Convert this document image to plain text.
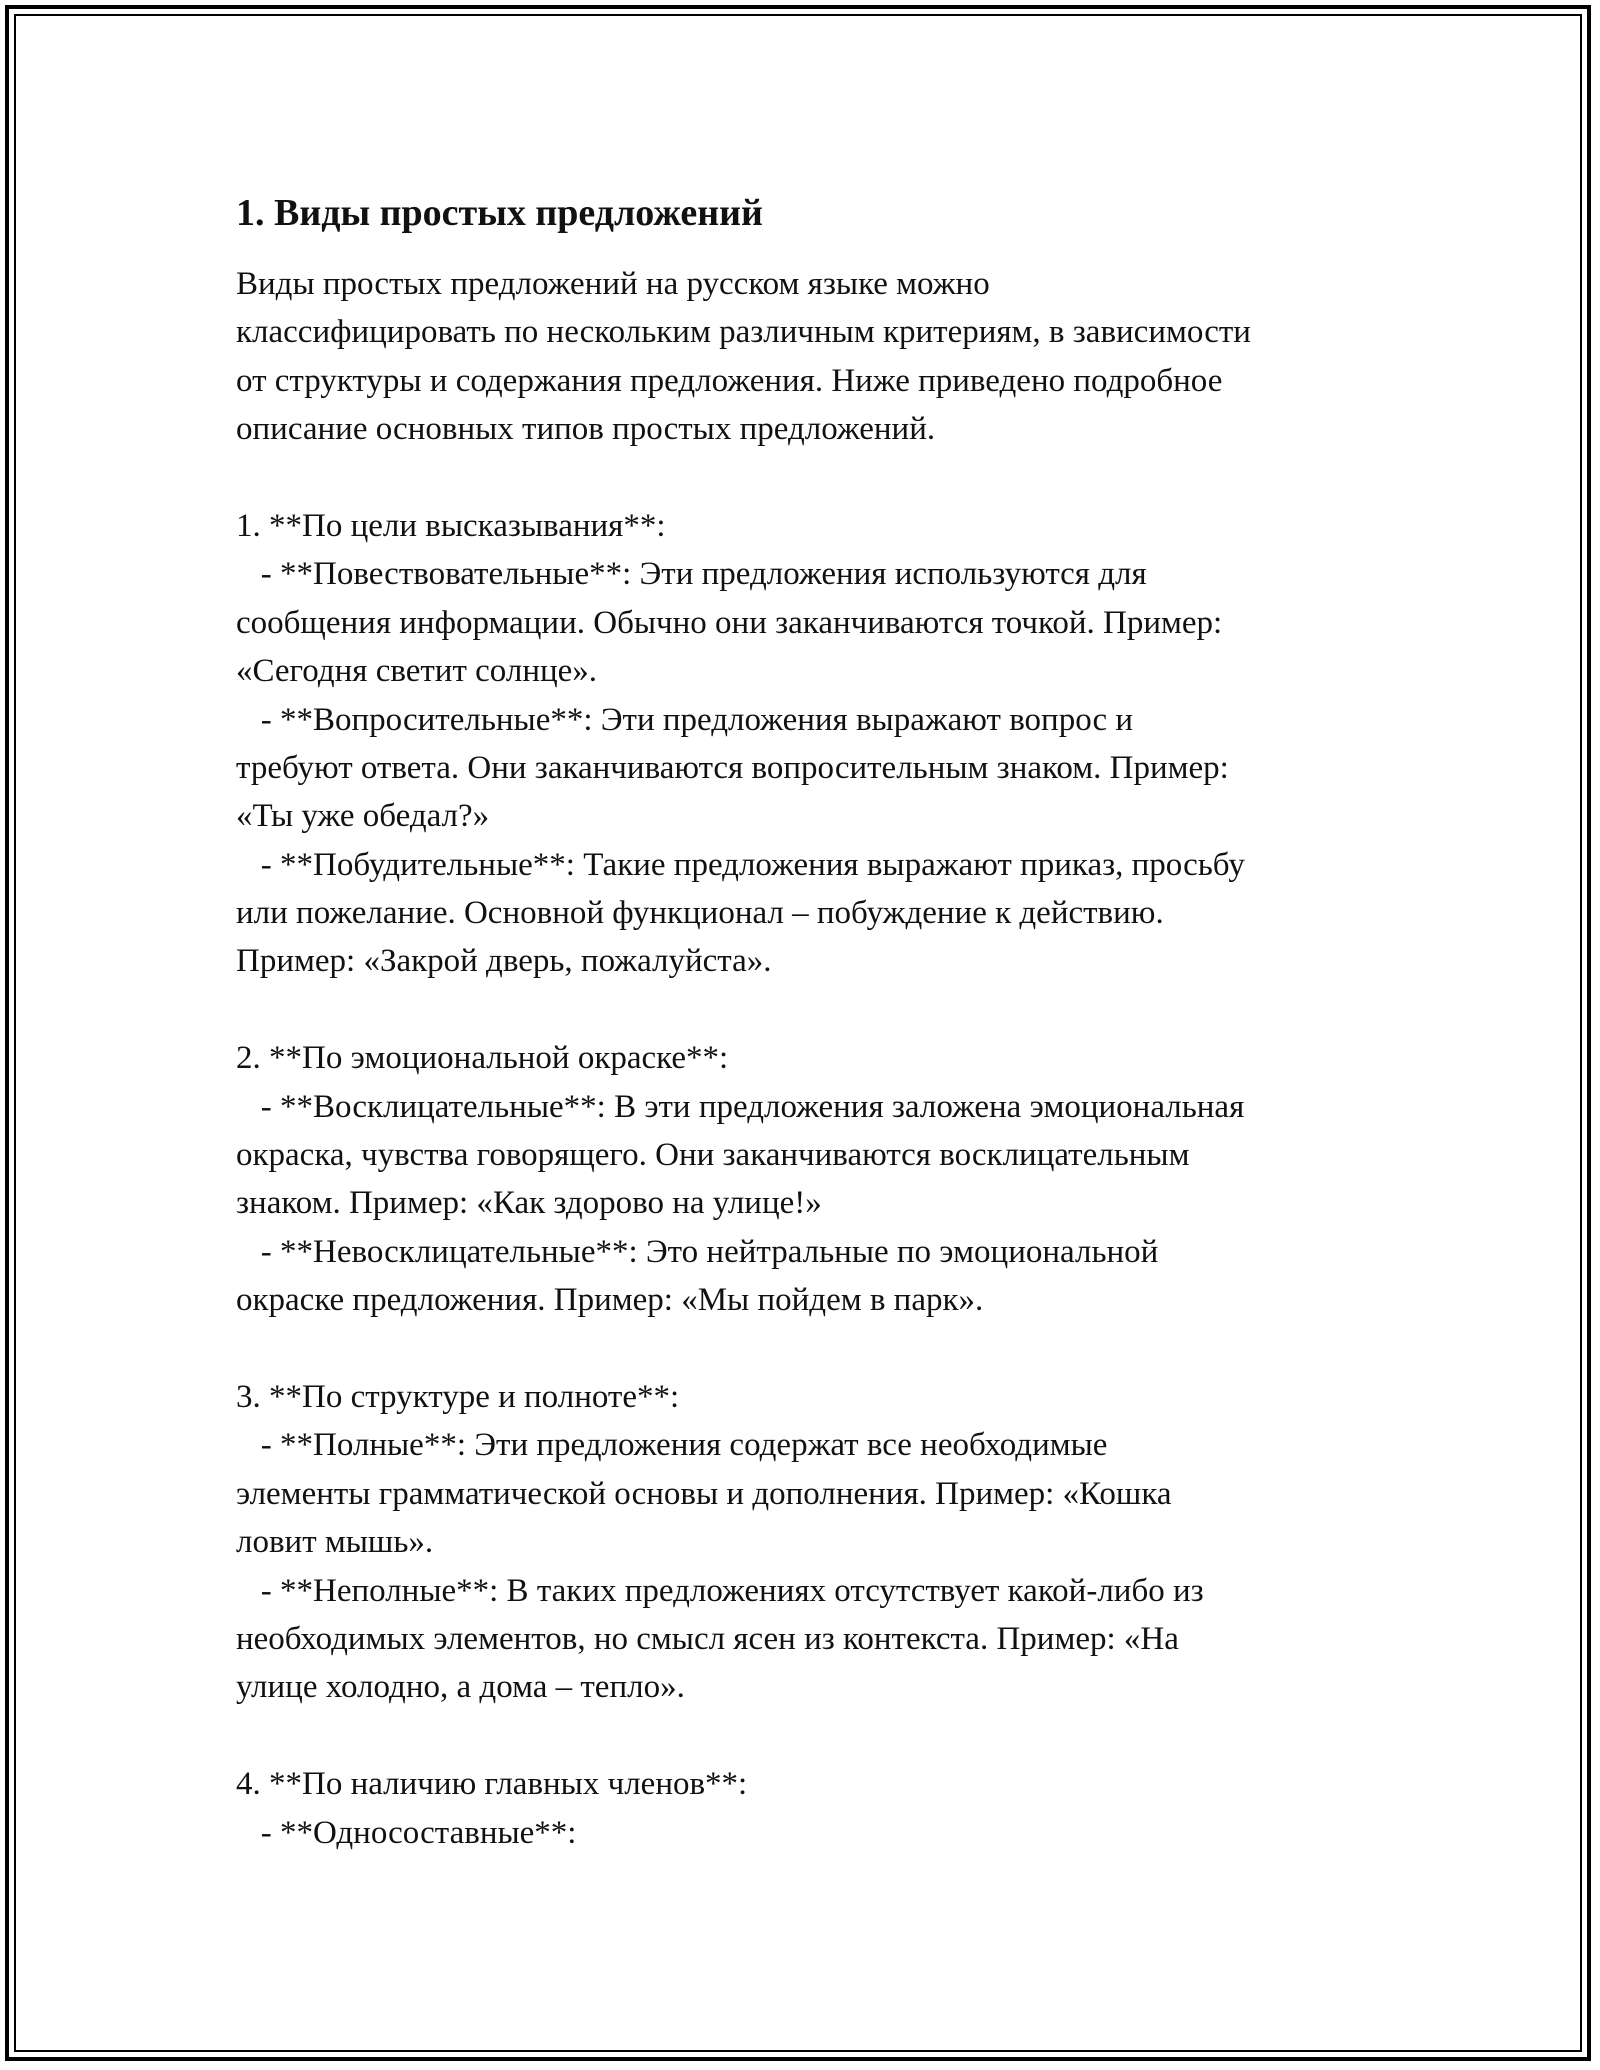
1. Виды простых предложений
Виды простых предложений на русском языке можно
классифицировать по нескольким различным критериям, в зависимости
от структуры и содержания предложения. Ниже приведено подробное
описание основных типов простых предложений.
1. **По цели высказывания**:
- **Повествовательные**: Эти предложения используются для
сообщения информации. Обычно они заканчиваются точкой. Пример:
«Сегодня светит солнце».
- **Вопросительные**: Эти предложения выражают вопрос и
требуют ответа. Они заканчиваются вопросительным знаком. Пример:
«Ты уже обедал?»
- **Побудительные**: Такие предложения выражают приказ, просьбу
или пожелание. Основной функционал – побуждение к действию.
Пример: «Закрой дверь, пожалуйста».
2. **По эмоциональной окраске**:
- **Восклицательные**: В эти предложения заложена эмоциональная
окраска, чувства говорящего. Они заканчиваются восклицательным
знаком. Пример: «Как здорово на улице!»
- **Невосклицательные**: Это нейтральные по эмоциональной
окраске предложения. Пример: «Мы пойдем в парк».
3. **По структуре и полноте**:
- **Полные**: Эти предложения содержат все необходимые
элементы грамматической основы и дополнения. Пример: «Кошка
ловит мышь».
- **Неполные**: В таких предложениях отсутствует какой-либо из
необходимых элементов, но смысл ясен из контекста. Пример: «На
улице холодно, а дома – тепло».
4. **По наличию главных членов**:
- **Односоставные**:
